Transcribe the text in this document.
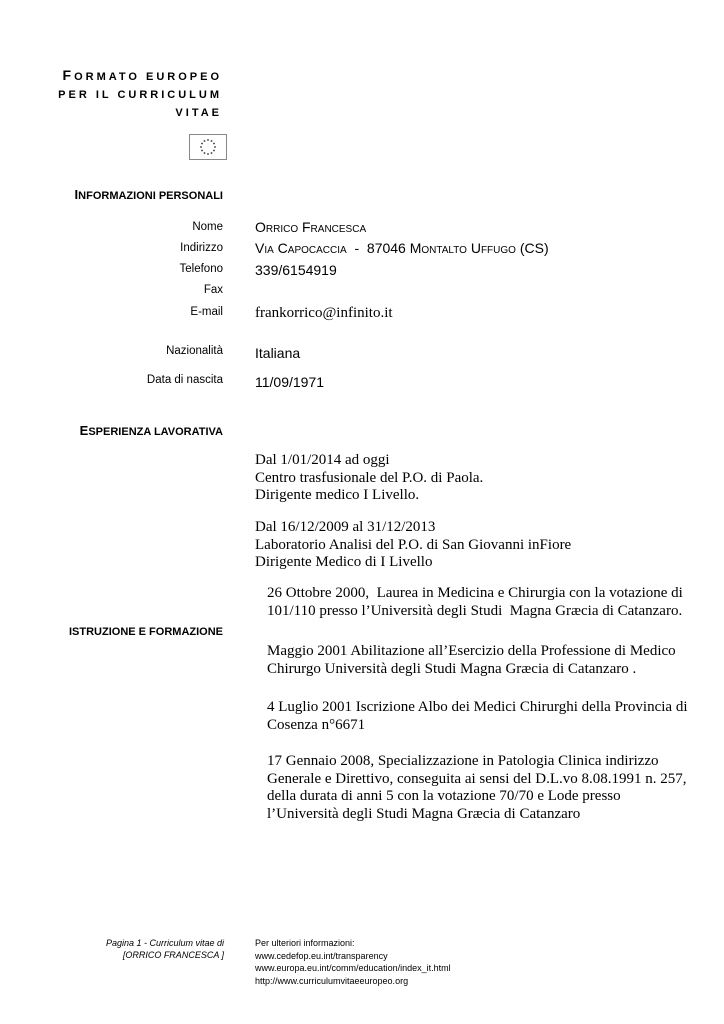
FORMATO EUROPEO
PER IL CURRICULUM
VITAE
INFORMAZIONI PERSONALI
Nome Orrico Francesca
Indirizzo Via Capocaccia  -  87046 Montalto Uffugo (CS)
Telefono 339/6154919
Fax
E-mail frankorrico@infinito.it
Nazionalità Italiana
Data di nascita 11/09/1971
ESPERIENZA LAVORATIVA
Dal 1/01/2014 ad oggi
Centro trasfusionale del P.O. di Paola.
Dirigente medico I Livello.
Dal 16/12/2009 al 31/12/2013
Laboratorio Analisi del P.O. di San Giovanni inFiore
Dirigente Medico di I Livello
ISTRUZIONE E FORMAZIONE
26 Ottobre 2000,  Laurea in Medicina e Chirurgia con la votazione di
101/110 presso l’Università degli Studi  Magna Græcia di Catanzaro.
Maggio 2001 Abilitazione all’Esercizio della Professione di Medico
Chirurgo Università degli Studi Magna Græcia di Catanzaro .
4 Luglio 2001 Iscrizione Albo dei Medici Chirurghi della Provincia di
Cosenza n°6671
17 Gennaio 2008, Specializzazione in Patologia Clinica indirizzo
Generale e Direttivo, conseguita ai sensi del D.L.vo 8.08.1991 n. 257,
della durata di anni 5 con la votazione 70/70 e Lode presso
l’Università degli Studi Magna Græcia di Catanzaro
Pagina 1 - Curriculum vitae di
[ORRICO FRANCESCA ]
Per ulteriori informazioni:
www.cedefop.eu.int/transparency
www.europa.eu.int/comm/education/index_it.html
http://www.curriculumvitaeeuropeo.org
